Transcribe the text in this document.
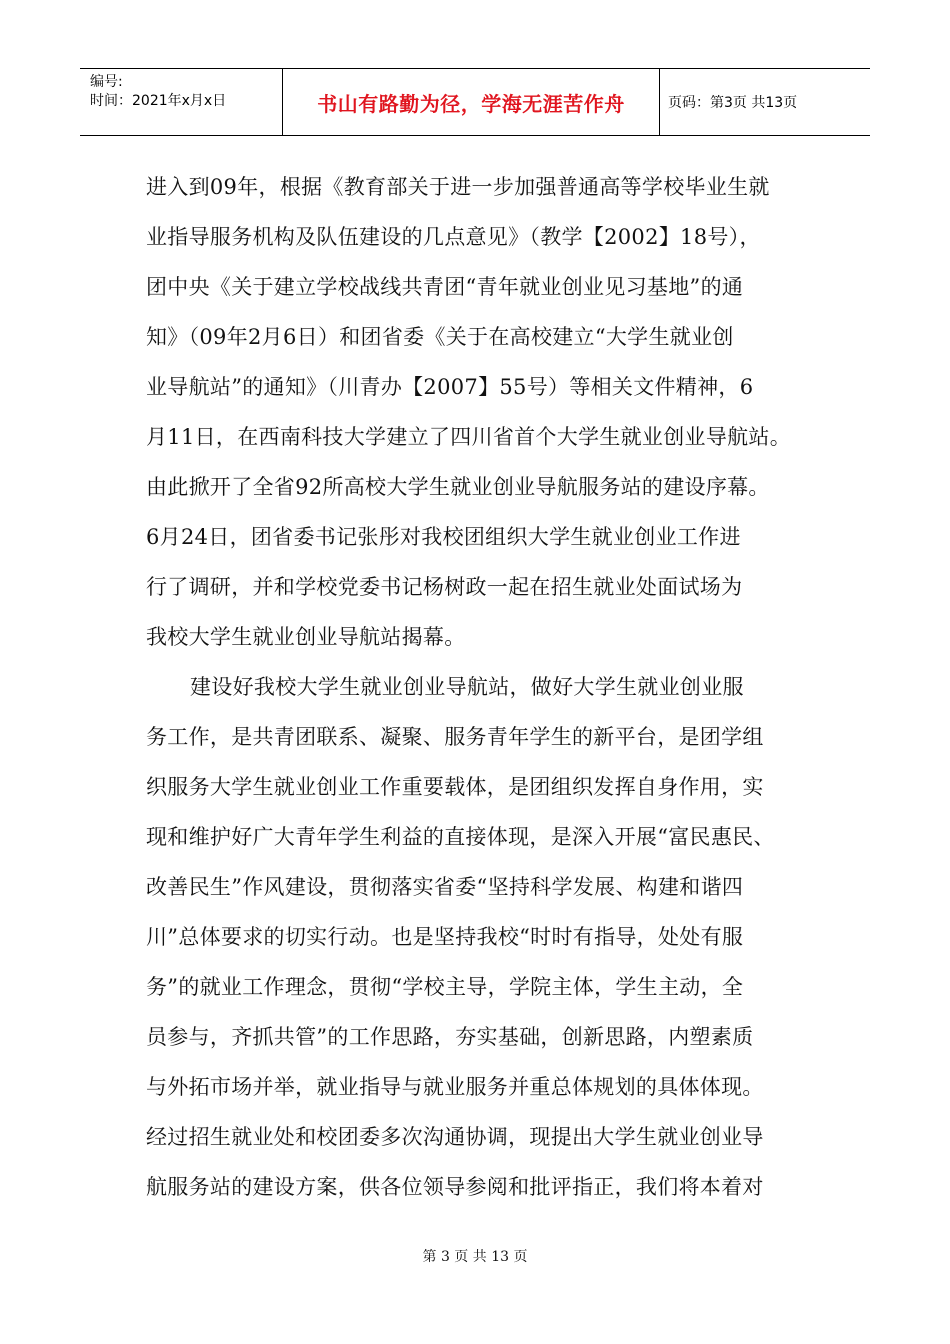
编号:
时间：2021年x月x日	书山有路勤为径，学海无涯苦作舟	页码：第3页 共13页
进入到09年，根据《教育部关于进一步加强普通高等学校毕业生就
业指导服务机构及队伍建设的几点意见》（教学【2002】18号），
团中央《关于建立学校战线共青团“青年就业创业见习基地”的通
知》（09年2月6日）和团省委《关于在高校建立“大学生就业创
业导航站”的通知》（川青办【2007】55号）等相关文件精神，6
月11日，在西南科技大学建立了四川省首个大学生就业创业导航站。
由此掀开了全省92所高校大学生就业创业导航服务站的建设序幕。
6月24日，团省委书记张彤对我校团组织大学生就业创业工作进
行了调研，并和学校党委书记杨树政一起在招生就业处面试场为
我校大学生就业创业导航站揭幕。
建设好我校大学生就业创业导航站，做好大学生就业创业服
务工作，是共青团联系、凝聚、服务青年学生的新平台，是团学组
织服务大学生就业创业工作重要载体，是团组织发挥自身作用，实
现和维护好广大青年学生利益的直接体现，是深入开展“富民惠民、
改善民生”作风建设，贯彻落实省委“坚持科学发展、构建和谐四
川”总体要求的切实行动。也是坚持我校“时时有指导，处处有服
务”的就业工作理念，贯彻“学校主导，学院主体，学生主动，全
员参与，齐抓共管”的工作思路，夯实基础，创新思路，内塑素质
与外拓市场并举，就业指导与就业服务并重总体规划的具体体现。
经过招生就业处和校团委多次沟通协调，现提出大学生就业创业导
航服务站的建设方案，供各位领导参阅和批评指正，我们将本着对
第 3 页 共 13 页
